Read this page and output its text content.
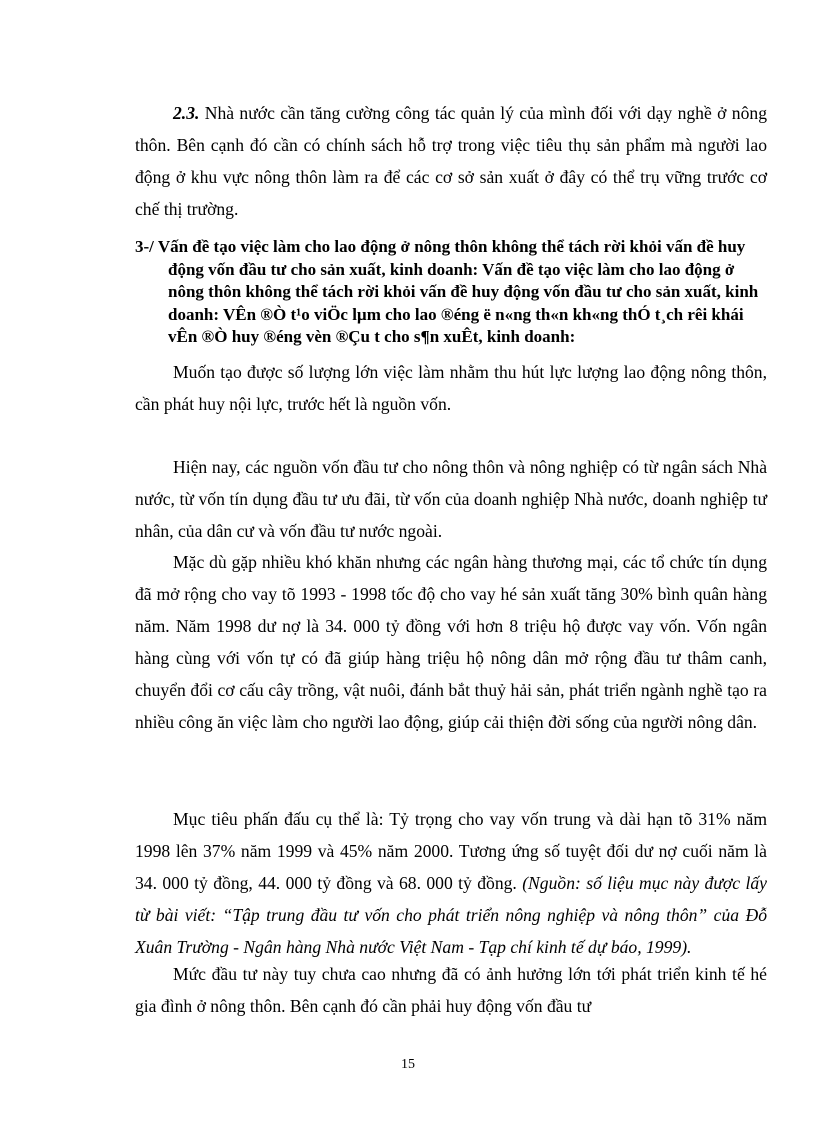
2.3. Nhà nước cần tăng cường công tác quản lý của mình đối với dạy nghề ở nông thôn. Bên cạnh đó cần có chính sách hỗ trợ trong việc tiêu thụ sản phẩm mà người lao động ở khu vực nông thôn làm ra để các cơ sở sản xuất ở đây có thể trụ vững trước cơ chế thị trường.

3-/ Vấn đề tạo việc làm cho lao động ở nông thôn không thể tách rời khỏi vấn đề huy động vốn đầu tư cho sản xuất, kinh doanh: Vấn đề tạo việc làm cho lao động ở nông thôn không thể tách rời khỏi vấn đề huy động vốn đầu tư cho sản xuất, kinh doanh: VÊn ®Ò t¹o viÖc lµm cho lao ®éng ë n«ng th«n kh«ng thÓ t¸ch rêi khái vÊn ®Ò huy ®éng vèn ®Çu t cho s¶n xuÊt, kinh doanh:

Muốn tạo được số lượng lớn việc làm nhằm thu hút lực lượng lao động nông thôn, cần phát huy nội lực, trước hết là nguồn vốn.

Hiện nay, các nguồn vốn đầu tư cho nông thôn và nông nghiệp có từ ngân sách Nhà nước, từ vốn tín dụng đầu tư ưu đãi, từ vốn của doanh nghiệp Nhà nước, doanh nghiệp tư nhân, của dân cư và vốn đầu tư nước ngoài.

Mặc dù gặp nhiều khó khăn nhưng các ngân hàng thương mại, các tổ chức tín dụng đã mở rộng cho vay tõ 1993 - 1998 tốc độ cho vay hé sản xuất tăng 30% bình quân hàng năm. Năm 1998 dư nợ là 34. 000 tỷ đồng với hơn 8 triệu hộ được vay vốn. Vốn ngân hàng cùng với vốn tự có đã giúp hàng triệu hộ nông dân mở rộng đầu tư thâm canh, chuyển đổi cơ cấu cây trồng, vật nuôi, đánh bắt thuỷ hải sản, phát triển ngành nghề tạo ra nhiều công ăn việc làm cho người lao động, giúp cải thiện đời sống của người nông dân.

Mục tiêu phấn đấu cụ thể là: Tỷ trọng cho vay vốn trung và dài hạn tõ 31% năm 1998 lên 37% năm 1999 và 45% năm 2000. Tương ứng số tuyệt đối dư nợ cuối năm là 34. 000 tỷ đồng, 44. 000 tỷ đồng và 68. 000 tỷ đồng. (Nguồn: số liệu mục này được lấy từ bài viết: “Tập trung đầu tư vốn cho phát triển nông nghiệp và nông thôn” của Đỗ Xuân Trường - Ngân hàng Nhà nước Việt Nam - Tạp chí kinh tế dự báo, 1999).

Mức đầu tư này tuy chưa cao nhưng đã có ảnh hưởng lớn tới phát triển kinh tế hé gia đình ở nông thôn. Bên cạnh đó cần phải huy động vốn đầu tư

15
